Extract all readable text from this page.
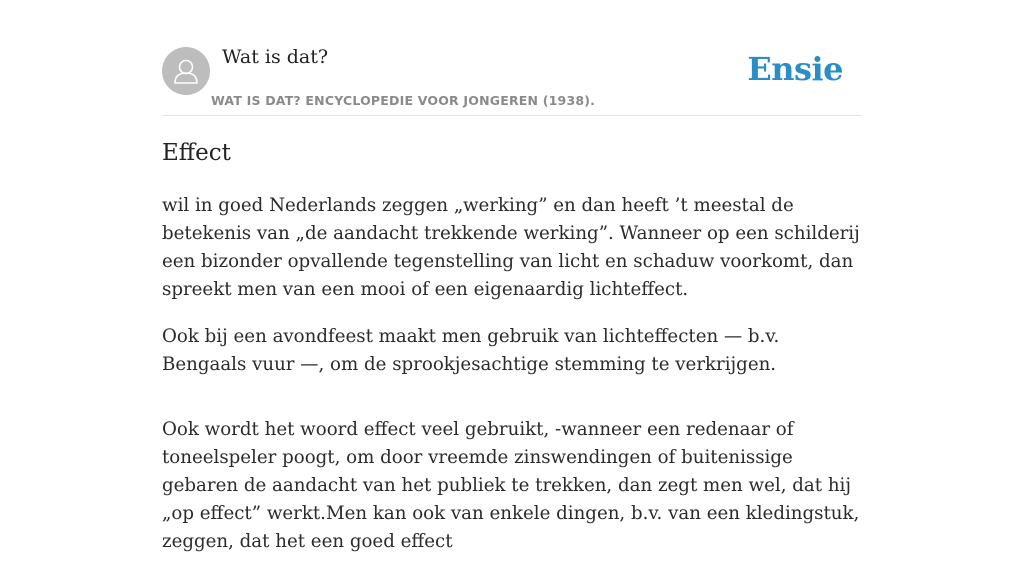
Wat is dat?
WAT IS DAT? ENCYCLOPEDIE VOOR JONGEREN (1938).
Ensie
Effect

wil in goed Nederlands zeggen „werking” en dan heeft ’t meestal de betekenis van „de aandacht trekkende werking”. Wanneer op een schilderij een bizonder opvallende tegenstelling van licht en schaduw voorkomt, dan spreekt men van een mooi of een eigenaardig lichteffect.

Ook bij een avondfeest maakt men gebruik van lichteffecten — b.v. Bengaals vuur —, om de sprookjesachtige stemming te verkrijgen.

Ook wordt het woord effect veel gebruikt, -wanneer een redenaar of toneelspeler poogt, om door vreemde zinswendingen of buitenissige gebaren de aandacht van het publiek te trekken, dan zegt men wel, dat hij „op effect” werkt.Men kan ook van enkele dingen, b.v. van een kledingstuk, zeggen, dat het een goed effect
